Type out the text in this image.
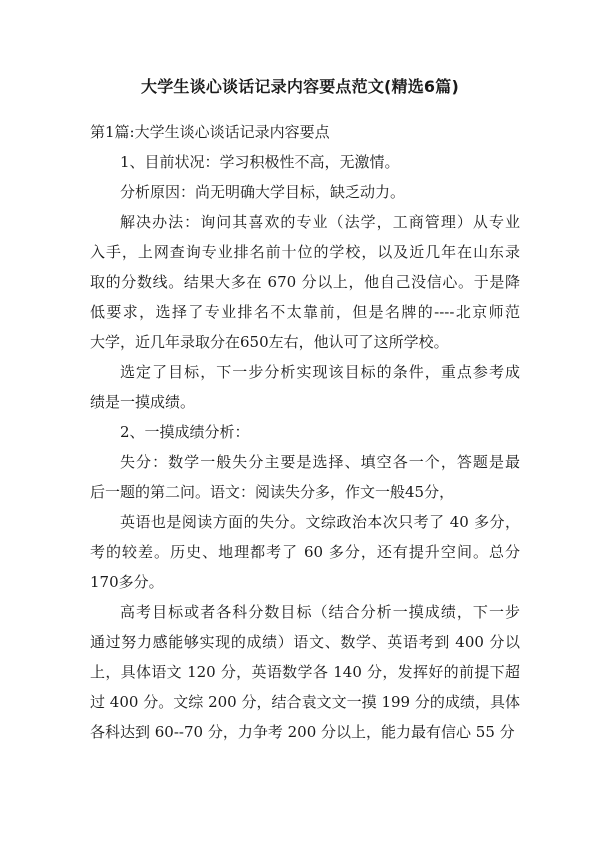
大学生谈心谈话记录内容要点范文(精选6篇)
第1篇:大学生谈心谈话记录内容要点
1、目前状况：学习积极性不高，无激情。
分析原因：尚无明确大学目标，缺乏动力。
解决办法：询问其喜欢的专业（法学，工商管理）从专业
入手，上网查询专业排名前十位的学校，以及近几年在山东录
取的分数线。结果大多在 670 分以上，他自己没信心。于是降
低要求，选择了专业排名不太靠前，但是名牌的----北京师范
大学，近几年录取分在650左右，他认可了这所学校。
选定了目标，下一步分析实现该目标的条件，重点参考成
绩是一摸成绩。
2、一摸成绩分析：
失分：数学一般失分主要是选择、填空各一个，答题是最
后一题的第二问。语文：阅读失分多，作文一般45分，
英语也是阅读方面的失分。文综政治本次只考了 40 多分，
考的较差。历史、地理都考了 60 多分，还有提升空间。总分
170多分。
高考目标或者各科分数目标（结合分析一摸成绩，下一步
通过努力感能够实现的成绩）语文、数学、英语考到 400 分以
上，具体语文 120 分，英语数学各 140 分，发挥好的前提下超
过 400 分。文综 200 分，结合袁文文一摸 199 分的成绩，具体
各科达到 60--70 分，力争考 200 分以上，能力最有信心 55 分
